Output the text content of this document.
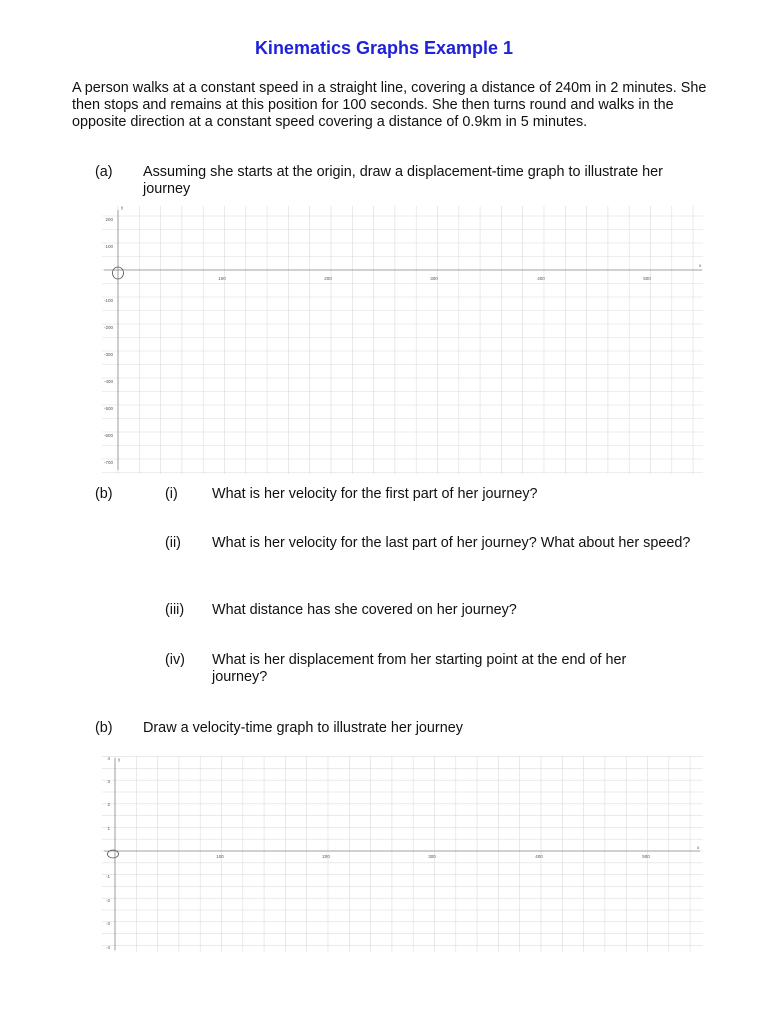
Kinematics Graphs Example 1
A person walks at a constant speed in a straight line, covering a distance of 240m in 2 minutes. She then stops and remains at this position for 100 seconds. She then turns round and walks in the opposite direction at a constant speed covering a distance of 0.9km in 5 minutes.
(a) Assuming she starts at the origin, draw a displacement-time graph to illustrate her journey
y
x
100	200	300	400	500
200
100
-100
-200
-300
-400
-500
-600
-700
(b)	(i) What is her velocity for the first part of her journey?
(ii) What is her velocity for the last part of her journey? What about her speed?
(iii) What distance has she covered on her journey?
(iv) What is her displacement from her starting point at the end of her journey?
(b) Draw a velocity-time graph to illustrate her journey
y
x
100	200	300	400	500
4
3
2
1
-1
-2
-3
-4
